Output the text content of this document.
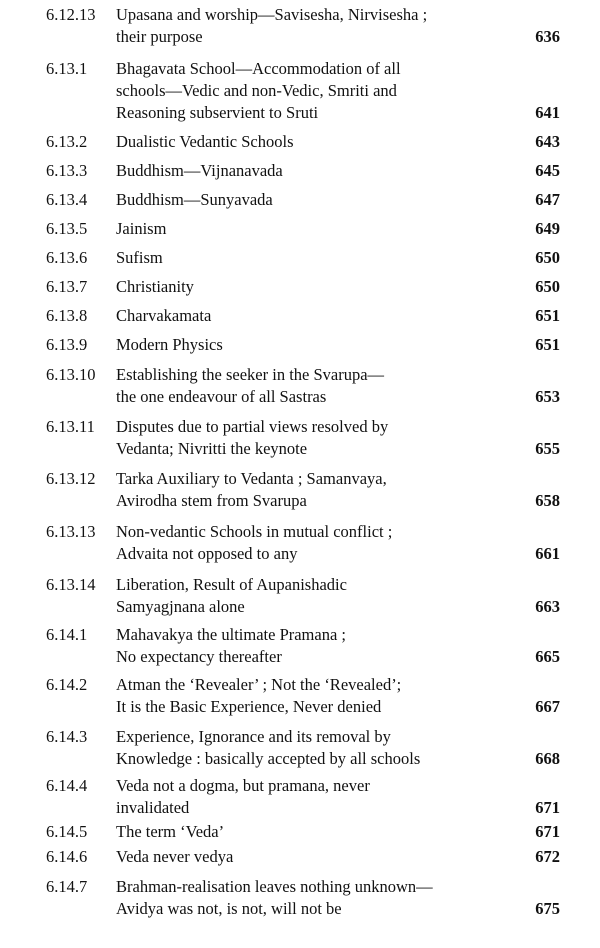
6.12.13 Upasana and worship—Savisesha, Nirvisesha ;
their purpose	636
6.13.1 Bhagavata School—Accommodation of all
schools—Vedic and non-Vedic, Smriti and
Reasoning subservient to Sruti	641
6.13.2 Dualistic Vedantic Schools	643
6.13.3 Buddhism—Vijnanavada	645
6.13.4 Buddhism—Sunyavada	647
6.13.5 Jainism	649
6.13.6 Sufism	650
6.13.7 Christianity	650
6.13.8 Charvakamata	651
6.13.9 Modern Physics	651
6.13.10 Establishing the seeker in the Svarupa—
the one endeavour of all Sastras	653
6.13.11 Disputes due to partial views resolved by
Vedanta; Nivritti the keynote	655
6.13.12 Tarka Auxiliary to Vedanta ; Samanvaya,
Avirodha stem from Svarupa	658
6.13.13 Non-vedantic Schools in mutual conflict ;
Advaita not opposed to any	661
6.13.14 Liberation, Result of Aupanishadic
Samyagjnana alone	663
6.14.1 Mahavakya the ultimate Pramana ;
No expectancy thereafter	665
6.14.2 Atman the ‘Revealer’ ; Not the ‘Revealed’;
It is the Basic Experience, Never denied	667
6.14.3 Experience, Ignorance and its removal by
Knowledge : basically accepted by all schools	668
6.14.4 Veda not a dogma, but pramana, never
invalidated	671
6.14.5 The term ‘Veda’	671
6.14.6 Veda never vedya	672
6.14.7 Brahman-realisation leaves nothing unknown—
Avidya was not, is not, will not be	675
